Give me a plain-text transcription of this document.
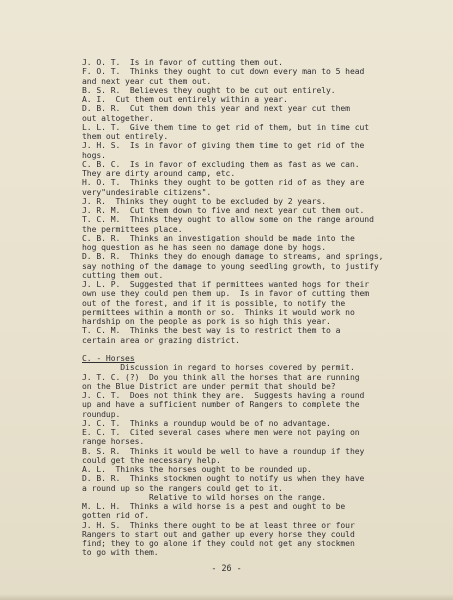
J. O. T.  Is in favor of cutting them out.
F. O. T.  Thinks they ought to cut down every man to 5 head
and next year cut them out.
B. S. R.  Believes they ought to be cut out entirely.
A. I.  Cut them out entirely within a year.
D. B. R.  Cut them down this year and next year cut them
out altogether.
L. L. T.  Give them time to get rid of them, but in time cut
them out entirely.
J. H. S.  Is in favor of giving them time to get rid of the
hogs.
C. B. C.  Is in favor of excluding them as fast as we can.
They are dirty around camp, etc.
H. O. T.  Thinks they ought to be gotten rid of as they are
very"undesirable citizens".
J. R.  Thinks they ought to be excluded by 2 years.
J. R. M.  Cut them down to five and next year cut them out.
T. C. M.  Thinks they ought to allow some on the range around
the permittees place.
C. B. R.  Thinks an investigation should be made into the
hog question as he has seen no damage done by hogs.
D. B. R.  Thinks they do enough damage to streams, and springs,
say nothing of the damage to young seedling growth, to justify
cutting them out.
J. L. P.  Suggested that if permittees wanted hogs for their
own use they could pen them up.  Is in favor of cutting them
out of the forest, and if it is possible, to notify the
permittees within a month or so.  Thinks it would work no
hardship on the people as pork is so high this year.
T. C. M.  Thinks the best way is to restrict them to a
certain area or grazing district.
C. - Horses
Discussion in regard to horses covered by permit.
J. T. C. (?)  Do you think all the horses that are running
on the Blue District are under permit that should be?
J. C. T.  Does not think they are.  Suggests having a round
up and have a sufficient number of Rangers to complete the
roundup.
J. C. T.  Thinks a roundup would be of no advantage.
E. C. T.  Cited several cases where men were not paying on
range horses.
B. S. R.  Thinks it would be well to have a roundup if they
could get the necessary help.
A. L.  Thinks the horses ought to be rounded up.
D. B. R.  Thinks stockmen ought to notify us when they have
a round up so the rangers could get to it.
Relative to wild horses on the range.
M. L. H.  Thinks a wild horse is a pest and ought to be
gotten rid of.
J. H. S.  Thinks there ought to be at least three or four
Rangers to start out and gather up every horse they could
find; they to go alone if they could not get any stockmen
to go with them.
- 26 -
